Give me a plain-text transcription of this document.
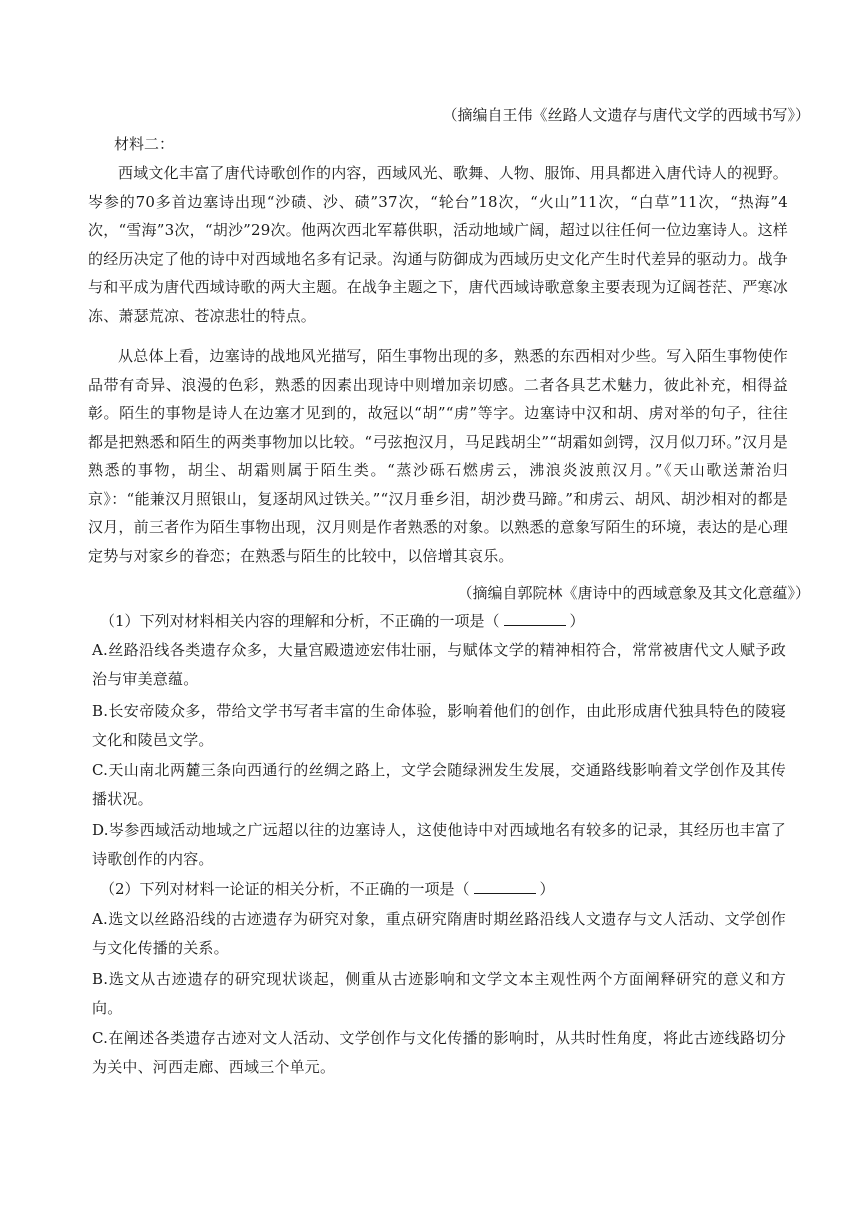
（摘编自王伟《丝路人文遗存与唐代文学的西域书写》）
材料二：
西域文化丰富了唐代诗歌创作的内容，西域风光、歌舞、人物、服饰、用具都进入唐代诗人的视野。岑参的70多首边塞诗出现“沙碛、沙、碛”37次，“轮台”18次，“火山”11次，“白草”11次，“热海”4次，“雪海”3次，“胡沙”29次。他两次西北军幕供职，活动地域广阔，超过以往任何一位边塞诗人。这样的经历决定了他的诗中对西域地名多有记录。沟通与防御成为西域历史文化产生时代差异的驱动力。战争与和平成为唐代西域诗歌的两大主题。在战争主题之下，唐代西域诗歌意象主要表现为辽阔苍茫、严寒冰冻、萧瑟荒凉、苍凉悲壮的特点。
从总体上看，边塞诗的战地风光描写，陌生事物出现的多，熟悉的东西相对少些。写入陌生事物使作品带有奇异、浪漫的色彩，熟悉的因素出现诗中则增加亲切感。二者各具艺术魅力，彼此补充，相得益彰。陌生的事物是诗人在边塞才见到的，故冠以“胡”“虏”等字。边塞诗中汉和胡、虏对举的句子，往往都是把熟悉和陌生的两类事物加以比较。“弓弦抱汉月，马足践胡尘”“胡霜如剑锷，汉月似刀环。”汉月是熟悉的事物，胡尘、胡霜则属于陌生类。“蒸沙砾石燃虏云，沸浪炎波煎汉月。”《天山歌送萧治归京》：“能兼汉月照银山，复逐胡风过铁关。”“汉月垂乡泪，胡沙费马蹄。”和虏云、胡风、胡沙相对的都是汉月，前三者作为陌生事物出现，汉月则是作者熟悉的对象。以熟悉的意象写陌生的环境，表达的是心理定势与对家乡的眷恋；在熟悉与陌生的比较中，以倍增其哀乐。
（摘编自郭院林《唐诗中的西域意象及其文化意蕴》）
（1）下列对材料相关内容的理解和分析，不正确的一项是（	）
A.丝路沿线各类遗存众多，大量宫殿遗迹宏伟壮丽，与赋体文学的精神相符合，常常被唐代文人赋予政治与审美意蕴。
B.长安帝陵众多，带给文学书写者丰富的生命体验，影响着他们的创作，由此形成唐代独具特色的陵寝文化和陵邑文学。
C.天山南北两麓三条向西通行的丝绸之路上，文学会随绿洲发生发展，交通路线影响着文学创作及其传播状况。
D.岑参西域活动地域之广远超以往的边塞诗人，这使他诗中对西域地名有较多的记录，其经历也丰富了诗歌创作的内容。
（2）下列对材料一论证的相关分析，不正确的一项是（	）
A.选文以丝路沿线的古迹遗存为研究对象，重点研究隋唐时期丝路沿线人文遗存与文人活动、文学创作与文化传播的关系。
B.选文从古迹遗存的研究现状谈起，侧重从古迹影响和文学文本主观性两个方面阐释研究的意义和方向。
C.在阐述各类遗存古迹对文人活动、文学创作与文化传播的影响时，从共时性角度，将此古迹线路切分为关中、河西走廊、西域三个单元。
